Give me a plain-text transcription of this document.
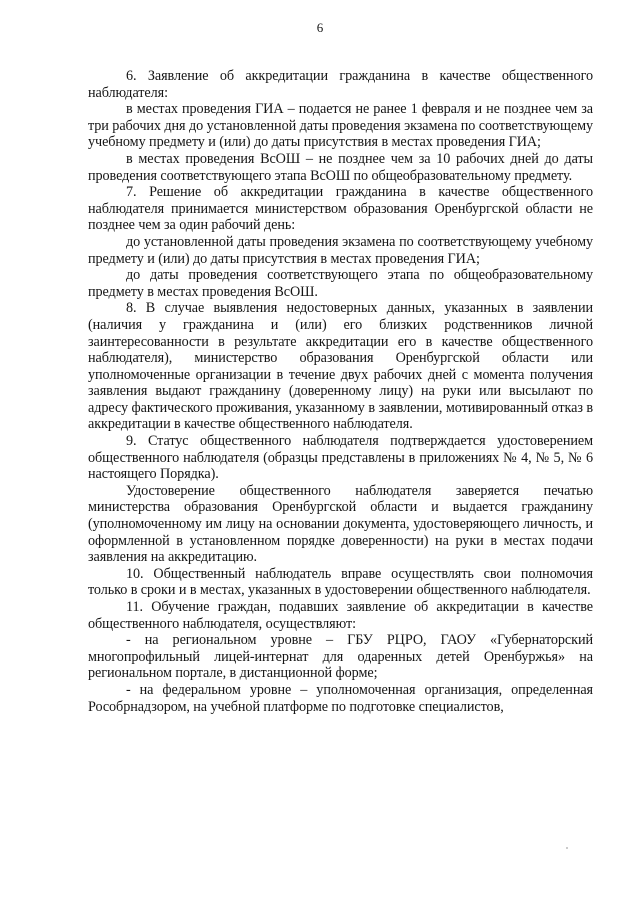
6

6. Заявление об аккредитации гражданина в качестве общественного наблюдателя:

в местах проведения ГИА – подается не ранее 1 февраля и не позднее чем за три рабочих дня до установленной даты проведения экзамена по соответствующему учебному предмету и (или) до даты присутствия в местах проведения ГИА;

в местах проведения ВсОШ – не позднее чем за 10 рабочих дней до даты проведения соответствующего этапа ВсОШ по общеобразовательному предмету.

7. Решение об аккредитации гражданина в качестве общественного наблюдателя принимается министерством образования Оренбургской области не позднее чем за один рабочий день:

до установленной даты проведения экзамена по соответствующему учебному предмету и (или) до даты присутствия в местах проведения ГИА;

до даты проведения соответствующего этапа по общеобразовательному предмету в местах проведения ВсОШ.

8. В случае выявления недостоверных данных, указанных в заявлении (наличия у гражданина и (или) его близких родственников личной заинтересованности в результате аккредитации его в качестве общественного наблюдателя), министерство образования Оренбургской области или уполномоченные организации в течение двух рабочих дней с момента получения заявления выдают гражданину (доверенному лицу) на руки или высылают по адресу фактического проживания, указанному в заявлении, мотивированный отказ в аккредитации в качестве общественного наблюдателя.

9. Статус общественного наблюдателя подтверждается удостоверением общественного наблюдателя (образцы представлены в приложениях № 4, № 5, № 6 настоящего Порядка).

Удостоверение общественного наблюдателя заверяется печатью министерства образования Оренбургской области и выдается гражданину (уполномоченному им лицу на основании документа, удостоверяющего личность, и оформленной в установленном порядке доверенности) на руки в местах подачи заявления на аккредитацию.

10. Общественный наблюдатель вправе осуществлять свои полномочия только в сроки и в местах, указанных в удостоверении общественного наблюдателя.

11. Обучение граждан, подавших заявление об аккредитации в качестве общественного наблюдателя, осуществляют:

- на региональном уровне – ГБУ РЦРО, ГАОУ «Губернаторский многопрофильный лицей-интернат для одаренных детей Оренбуржья» на региональном портале, в дистанционной форме;

- на федеральном уровне – уполномоченная организация, определенная Рособрнадзором, на учебной платформе по подготовке специалистов,
